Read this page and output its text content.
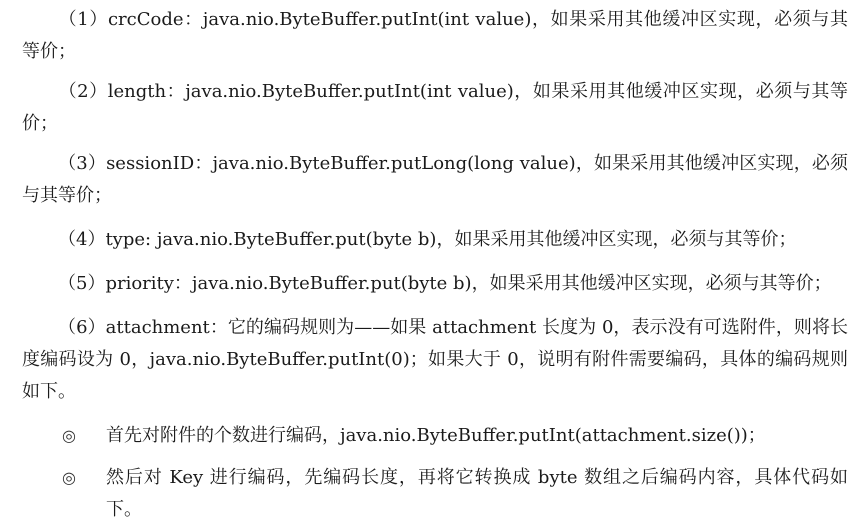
（1）crcCode：java.nio.ByteBuffer.putInt(int value)，如果采用其他缓冲区实现，必须与其等价；
（2）length：java.nio.ByteBuffer.putInt(int value)，如果采用其他缓冲区实现，必须与其等价；
（3）sessionID：java.nio.ByteBuffer.putLong(long value)，如果采用其他缓冲区实现，必须与其等价；
（4）type: java.nio.ByteBuffer.put(byte b)，如果采用其他缓冲区实现，必须与其等价；
（5）priority：java.nio.ByteBuffer.put(byte b)，如果采用其他缓冲区实现，必须与其等价；
（6）attachment：它的编码规则为——如果 attachment 长度为 0，表示没有可选附件，则将长度编码设为 0，java.nio.ByteBuffer.putInt(0)；如果大于 0，说明有附件需要编码，具体的编码规则如下。
◎ 首先对附件的个数进行编码，java.nio.ByteBuffer.putInt(attachment.size())；
◎ 然后对 Key 进行编码，先编码长度，再将它转换成 byte 数组之后编码内容，具体代码如下。
